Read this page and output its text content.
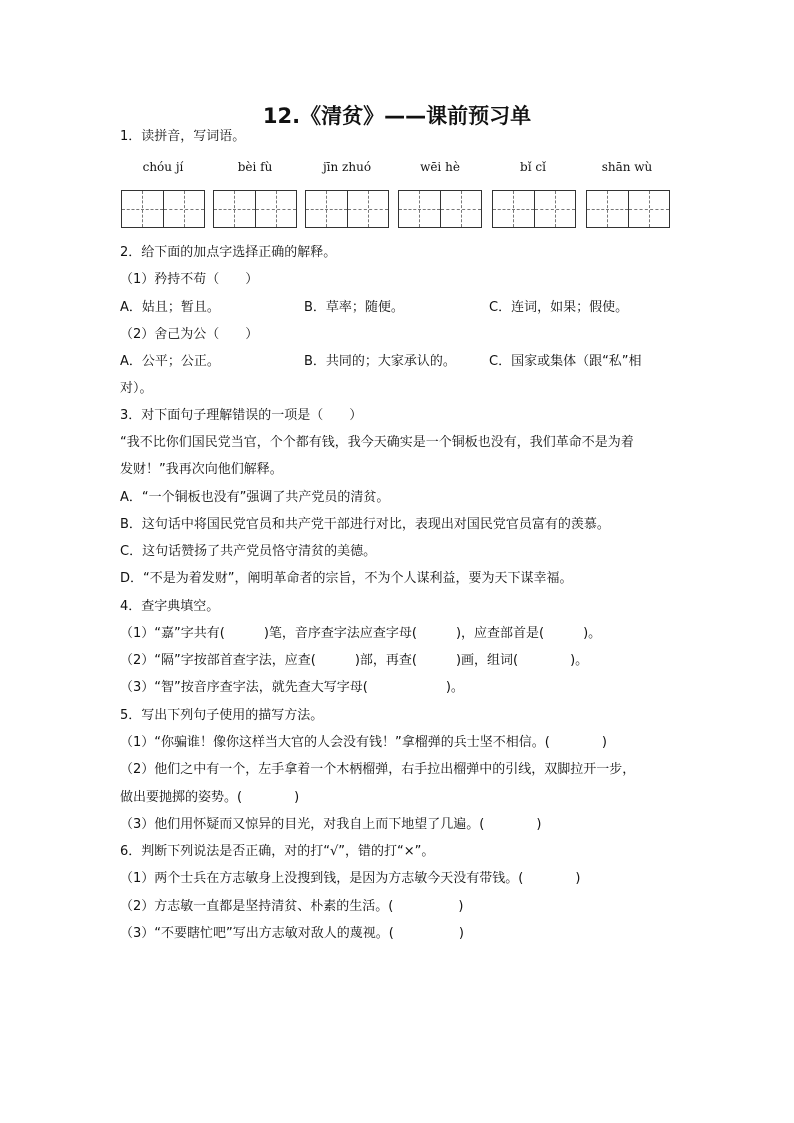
12.《清贫》——课前预习单
1．读拼音，写词语。
chóu jí	bèi fù	jīn zhuó	wēi hè	bǐ cǐ	shān wù
2．给下面的加点字选择正确的解释。
（1）矜持不苟（　　）
A．姑且；暂且。	B．草率；随便。	C．连词，如果；假使。
（2）舍己为公（　　）
A．公平；公正。	B．共同的；大家承认的。	C．国家或集体（跟“私”相
对）。
3．对下面句子理解错误的一项是（　　）
“我不比你们国民党当官，个个都有钱，我今天确实是一个铜板也没有，我们革命不是为着
发财！”我再次向他们解释。
A．“一个铜板也没有”强调了共产党员的清贫。
B．这句话中将国民党官员和共产党干部进行对比，表现出对国民党官员富有的羡慕。
C．这句话赞扬了共产党员恪守清贫的美德。
D．“不是为着发财”，阐明革命者的宗旨，不为个人谋利益，要为天下谋幸福。
4．查字典填空。
（1）“嘉”字共有(　　　)笔，音序查字法应查字母(　　　)，应查部首是(　　　)。
（2）“隔”字按部首查字法，应查(　　　)部，再查(　　　)画，组词(　　　　)。
（3）“智”按音序查字法，就先查大写字母(　　　　　　)。
5．写出下列句子使用的描写方法。
（1）“你骗谁！像你这样当大官的人会没有钱！”拿榴弹的兵士坚不相信。(　　　　)
（2）他们之中有一个，左手拿着一个木柄榴弹，右手拉出榴弹中的引线，双脚拉开一步，
做出要抛掷的姿势。(　　　　)
（3）他们用怀疑而又惊异的目光，对我自上而下地望了几遍。(　　　　)
6．判断下列说法是否正确，对的打“√”，错的打“×”。
（1）两个士兵在方志敏身上没搜到钱，是因为方志敏今天没有带钱。(　　　　)
（2）方志敏一直都是坚持清贫、朴素的生活。(　　　　　)
（3）“不要瞎忙吧”写出方志敏对敌人的蔑视。(　　　　　)
